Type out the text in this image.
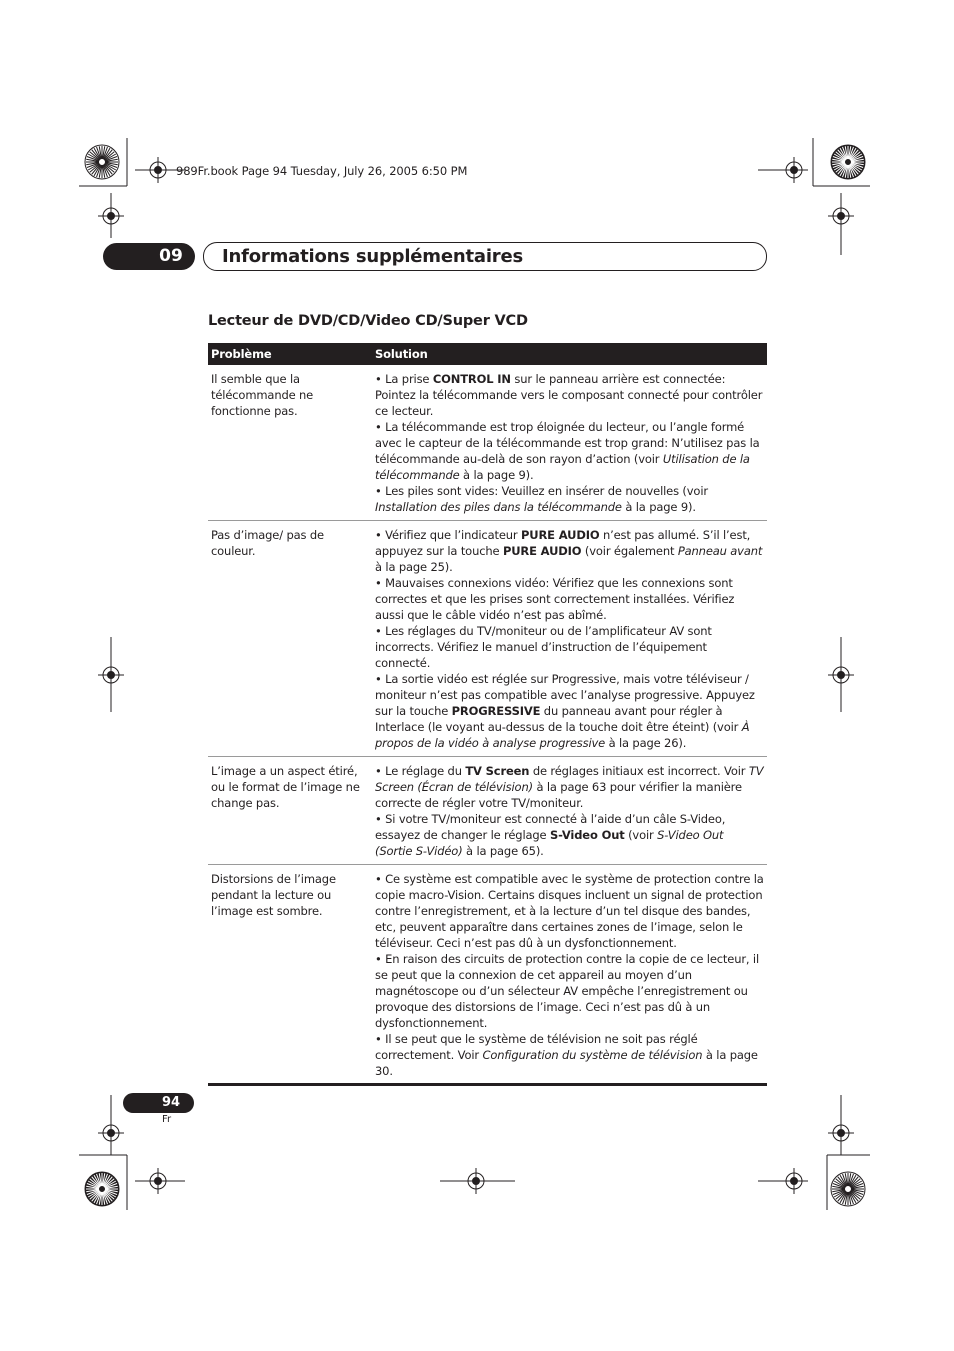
989Fr.book Page 94 Tuesday, July 26, 2005 6:50 PM
09	Informations supplémentaires
Lecteur de DVD/CD/Video CD/Super VCD
Problème	Solution
Il semble que la télécommande ne fonctionne pas.	• La prise CONTROL IN sur le panneau arrière est connectée: Pointez la télécommande vers le composant connecté pour contrôler ce lecteur.

• La télécommande est trop éloignée du lecteur, ou l’angle formé avec le capteur de la télécommande est trop grand: N’utilisez pas la télécommande au-delà de son rayon d’action (voir Utilisation de la télécommande à la page 9).

• Les piles sont vides: Veuillez en insérer de nouvelles (voir Installation des piles dans la télécommande à la page 9).

Pas d’image/ pas de couleur.	• Vérifiez que l’indicateur PURE AUDIO n’est pas allumé. S’il l’est, appuyez sur la touche PURE AUDIO (voir également Panneau avant à la page 25).

• Mauvaises connexions vidéo: Vérifiez que les connexions sont correctes et que les prises sont correctement installées. Vérifiez aussi que le câble vidéo n’est pas abîmé.

• Les réglages du TV/moniteur ou de l’amplificateur AV sont incorrects. Vérifiez le manuel d’instruction de l’équipement connecté.

• La sortie vidéo est réglée sur Progressive, mais votre téléviseur / moniteur n’est pas compatible avec l’analyse progressive. Appuyez sur la touche PROGRESSIVE du panneau avant pour régler à Interlace (le voyant au-dessus de la touche doit être éteint) (voir À propos de la vidéo à analyse progressive à la page 26).

L’image a un aspect étiré, ou le format de l’image ne change pas.	• Le réglage du TV Screen de réglages initiaux est incorrect. Voir TV Screen (Écran de télévision) à la page 63 pour vérifier la manière correcte de régler votre TV/moniteur.

• Si votre TV/moniteur est connecté à l’aide d’un câle S-Video, essayez de changer le réglage S-Video Out (voir S-Video Out (Sortie S-Vidéo) à la page 65).

Distorsions de l’image pendant la lecture ou l’image est sombre.	• Ce système est compatible avec le système de protection contre la copie macro-Vision. Certains disques incluent un signal de protection contre l’enregistrement, et à la lecture d’un tel disque des bandes, etc, peuvent apparaître dans certaines zones de l’image, selon le téléviseur. Ceci n’est pas dû à un dysfonctionnement.

• En raison des circuits de protection contre la copie de ce lecteur, il se peut que la connexion de cet appareil au moyen d’un magnétoscope ou d’un sélecteur AV empêche l’enregistrement ou provoque des distorsions de l’image. Ceci n’est pas dû à un dysfonctionnement.

• Il se peut que le système de télévision ne soit pas réglé correctement. Voir Configuration du système de télévision à la page 30.

94
Fr
